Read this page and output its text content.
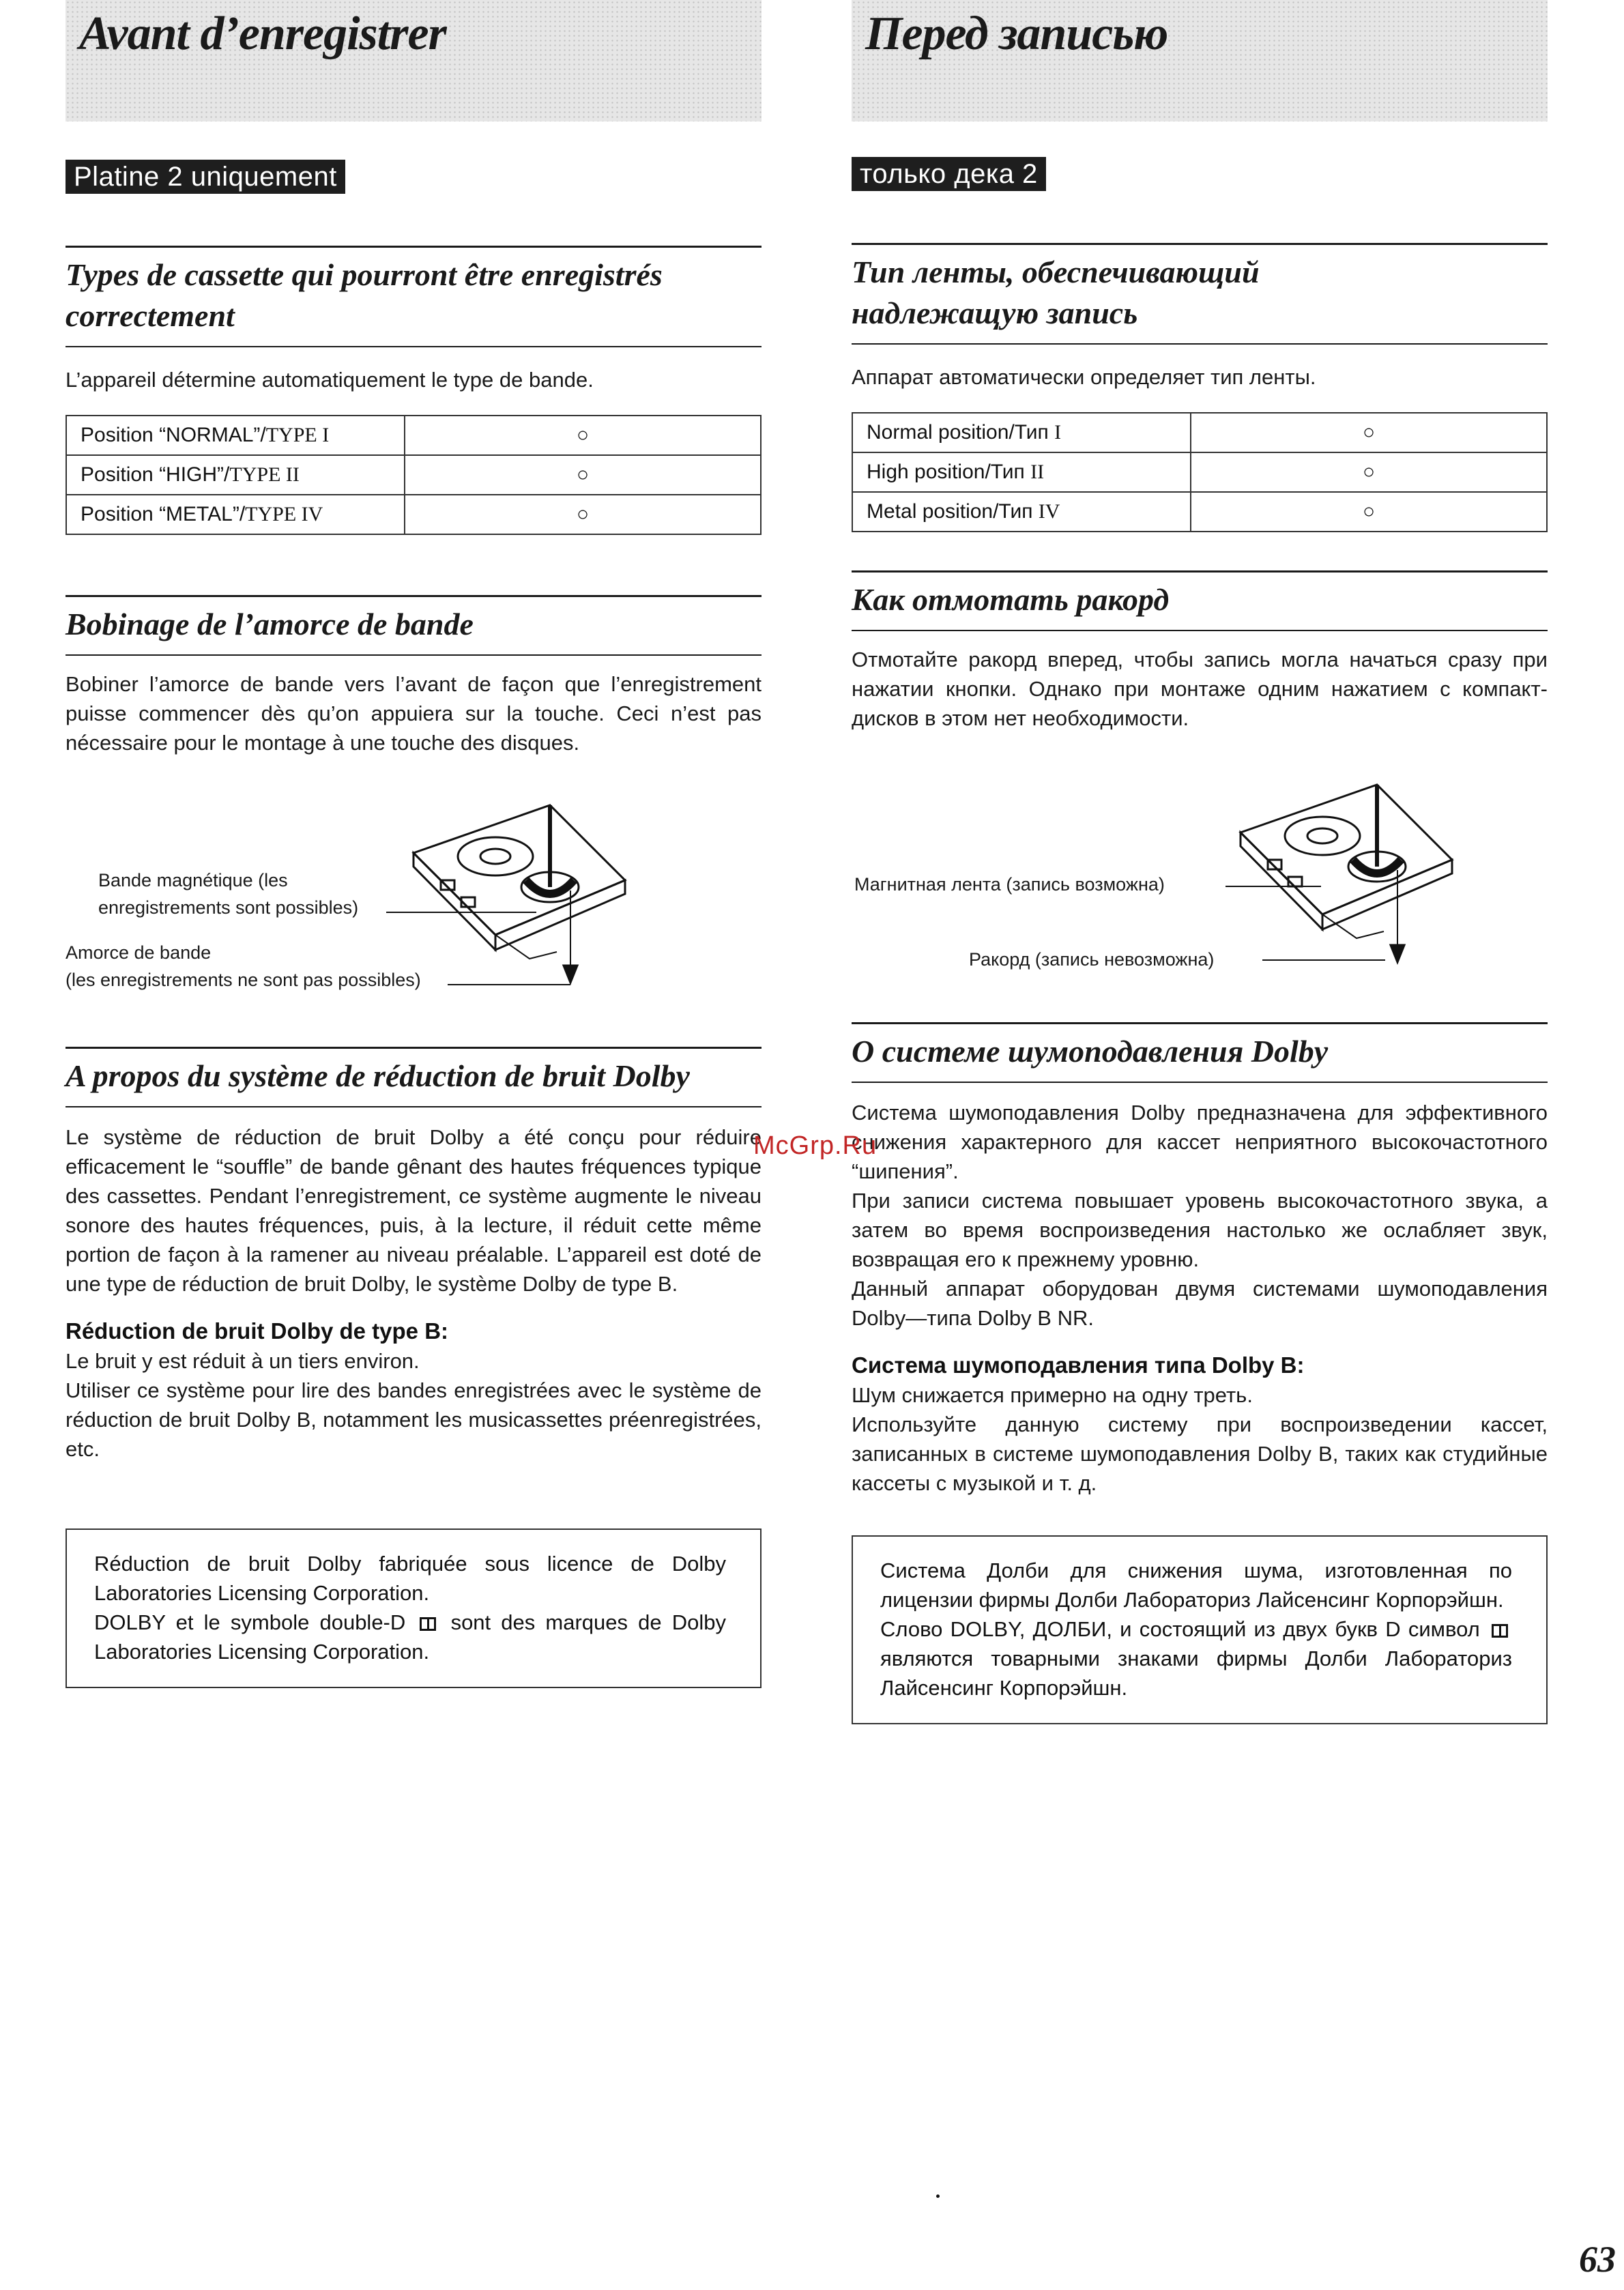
Avant d’enregistrer
Platine 2 uniquement
Types de cassette qui pourront être enregistrés
correctement

L’appareil détermine automatiquement le type de bande.

Position “NORMAL”/TYPE I	○
Position “HIGH”/TYPE II	○
Position “METAL”/TYPE IV	○
Bobinage de l’amorce de bande

Bobiner l’amorce de bande vers l’avant de façon que l’enregistrement puisse commencer dès qu’on appuiera sur la touche. Ceci n’est pas nécessaire pour le montage à une touche des disques.

Bande magnétique (les
enregistrements sont possibles)
Amorce de bande
(les enregistrements ne sont pas possibles)
A propos du système de réduction de bruit Dolby

Le système de réduction de bruit Dolby a été conçu pour réduire efficacement le “souffle” de bande gênant des hautes fréquences typique des cassettes. Pendant l’enregistrement, ce système augmente le niveau sonore des hautes fréquences, puis, à la lecture, il réduit cette même portion de façon à la ramener au niveau préalable. L’appareil est doté de une type de réduction de bruit Dolby, le système Dolby de type B.

Réduction de bruit Dolby de type B:

Le bruit y est réduit à un tiers environ.

Utiliser ce système pour lire des bandes enregistrées avec le système de réduction de bruit Dolby B, notamment les musicassettes préenregistrées, etc.

Réduction de bruit Dolby fabriquée sous licence de Dolby Laboratories Licensing Corporation.
DOLBY et le symbole double-D sont des marques de Dolby Laboratories Licensing Corporation.
Перед записью
только дека 2
Тип ленты, обеспечивающий
надлежащую запись

Аппарат автоматически определяет тип ленты.

Normal position/Тип I	○
High position/Тип II	○
Metal position/Тип IV	○
Как отмотать ракорд

Отмотайте ракорд вперед, чтобы запись могла начаться сразу при нажатии кнопки. Однако при монтаже одним нажатием с компакт-дисков в этом нет необходимости.

Магнитная лента (запись возможна)
Ракорд (запись невозможна)
О системе шумоподавления Dolby

Система шумоподавления Dolby предназначена для эффективного снижения характерного для кассет неприятного высокочастотного “шипения”.

При записи система повышает уровень высокочастотного звука, а затем во время воспроизведения настолько же ослабляет звук, возвращая его к прежнему уровню.

Данный аппарат оборудован двумя системами шумоподавления Dolby—типа Dolby B NR.

Система шумоподавления типа Dolby B:

Шум снижается примерно на одну треть.

Используйте данную систему при воспроизведении кассет, записанных в системе шумоподавления Dolby B, таких как студийные кассеты с музыкой и т. д.

Система Долби для снижения шума, изготовленная по лицензии фирмы Долби Лабораториз Лайсенсинг Корпорэйшн.
Слово DOLBY, ДОЛБИ, и состоящий из двух букв D символ  являются товарными знаками фирмы Долби Лабораториз Лайсенсинг Корпорэйшн.
McGrp.Ru
63
